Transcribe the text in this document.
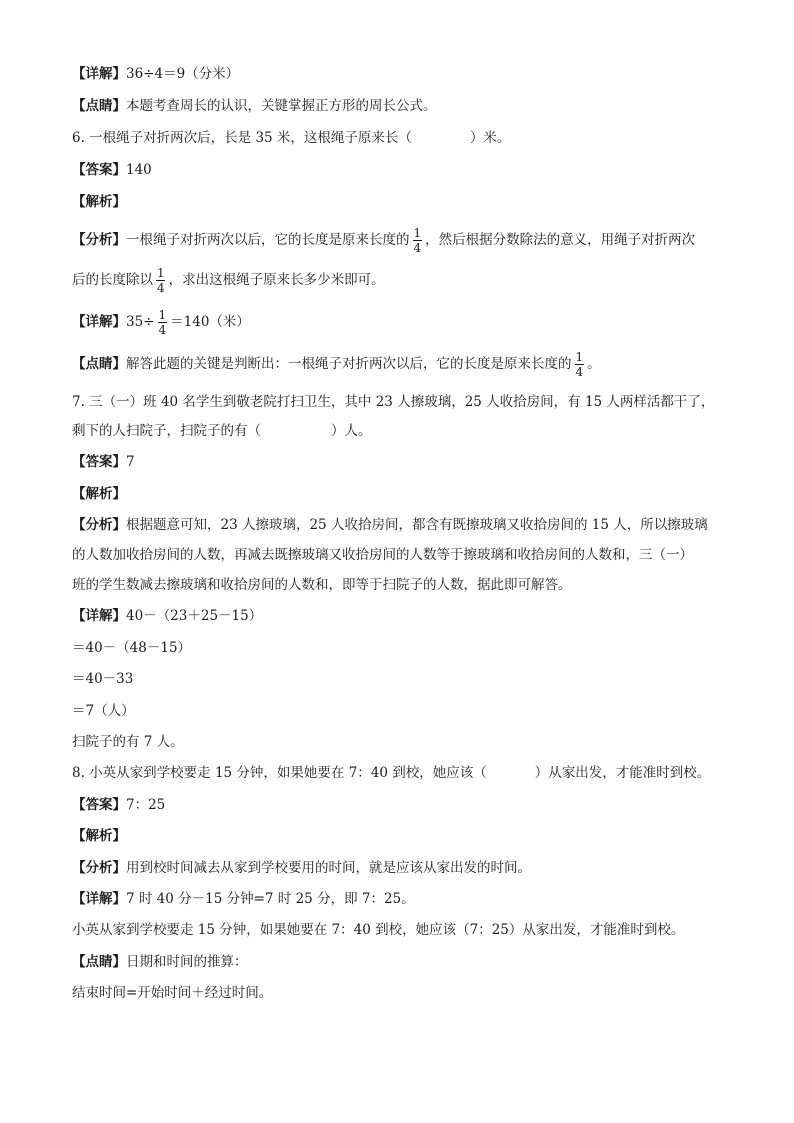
【详解】36÷4＝9（分米）
【点睛】本题考查周长的认识，关键掌握正方形的周长公式。
6. 一根绳子对折两次后，长是 35 米，这根绳子原来长（	）米。
【答案】140
【解析】
【分析】一根绳子对折两次以后，它的长度是原来长度的 $\frac{1}{4}$ ，然后根据分数除法的意义，用绳子对折两次
后的长度除以 $\frac{1}{4}$ ，求出这根绳子原来长多少米即可。
【详解】$35\div \frac{1}{4} =140$（米）
【点睛】解答此题的关键是判断出：一根绳子对折两次以后，它的长度是原来长度的 $\frac{1}{4}$ 。
7. 三（一）班 40 名学生到敬老院打扫卫生，其中 23 人擦玻璃，25 人收拾房间，有 15 人两样活都干了，
剩下的人扫院子，扫院子的有（	）人。
【答案】7
【解析】
【分析】根据题意可知，23 人擦玻璃，25 人收拾房间，都含有既擦玻璃又收拾房间的 15 人，所以擦玻璃
的人数加收拾房间的人数，再减去既擦玻璃又收拾房间的人数等于擦玻璃和收拾房间的人数和，三（一）
班的学生数减去擦玻璃和收拾房间的人数和，即等于扫院子的人数，据此即可解答。
【详解】40－（23＋25－15）
＝40－（48－15）
＝40－33
＝7（人）
扫院子的有 7 人。
8. 小英从家到学校要走 15 分钟，如果她要在 7：40 到校，她应该（	）从家出发，才能准时到校。
【答案】7：25
【解析】
【分析】用到校时间减去从家到学校要用的时间，就是应该从家出发的时间。
【详解】7 时 40 分－15 分钟=7 时 25 分，即 7：25。
小英从家到学校要走 15 分钟，如果她要在 7：40 到校，她应该（7：25）从家出发，才能准时到校。
【点睛】日期和时间的推算：
结束时间=开始时间＋经过时间。
